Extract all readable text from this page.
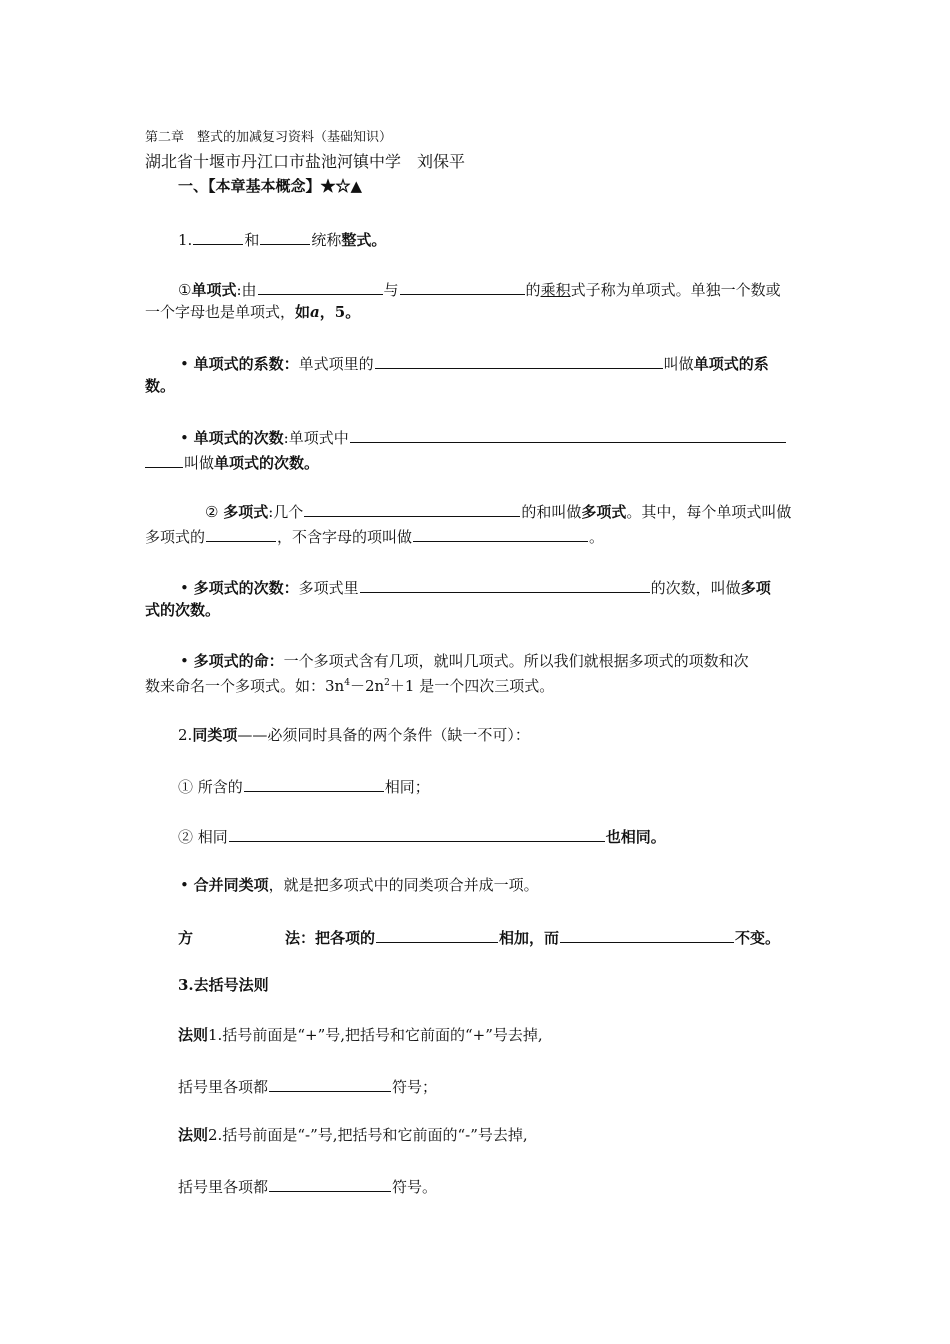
第二章　整式的加减复习资料（基础知识）
湖北省十堰市丹江口市盐池河镇中学　刘保平
一、【本章基本概念】★☆▲
1.	和	统称整式。
①单项式:由	与	的乘积式子称为单项式。单独一个数或
一个字母也是单项式，如a，5。
• 单项式的系数：单式项里的	叫做单项式的系
数。
• 单项式的次数:单项式中
叫做单项式的次数。
② 多项式:几个	的和叫做多项式。其中，每个单项式叫做
多项式的	，不含字母的项叫做	。
• 多项式的次数：多项式里	的次数，叫做多项
式的次数。
• 多项式的命：一个多项式含有几项，就叫几项式。所以我们就根据多项式的项数和次
数来命名一个多项式。如：$3n^4-2n^2+1$ 是一个四次三项式。
2.同类项——必须同时具备的两个条件（缺一不可）：
① 所含的	相同；
② 相同	也相同。
• 合并同类项，就是把多项式中的同类项合并成一项。
方	法：把各项的	相加，而	不变。
3.去括号法则
法则1.括号前面是“+”号,把括号和它前面的“+”号去掉,
括号里各项都	符号；
法则2.括号前面是“-”号,把括号和它前面的“-”号去掉,
括号里各项都	符号。
